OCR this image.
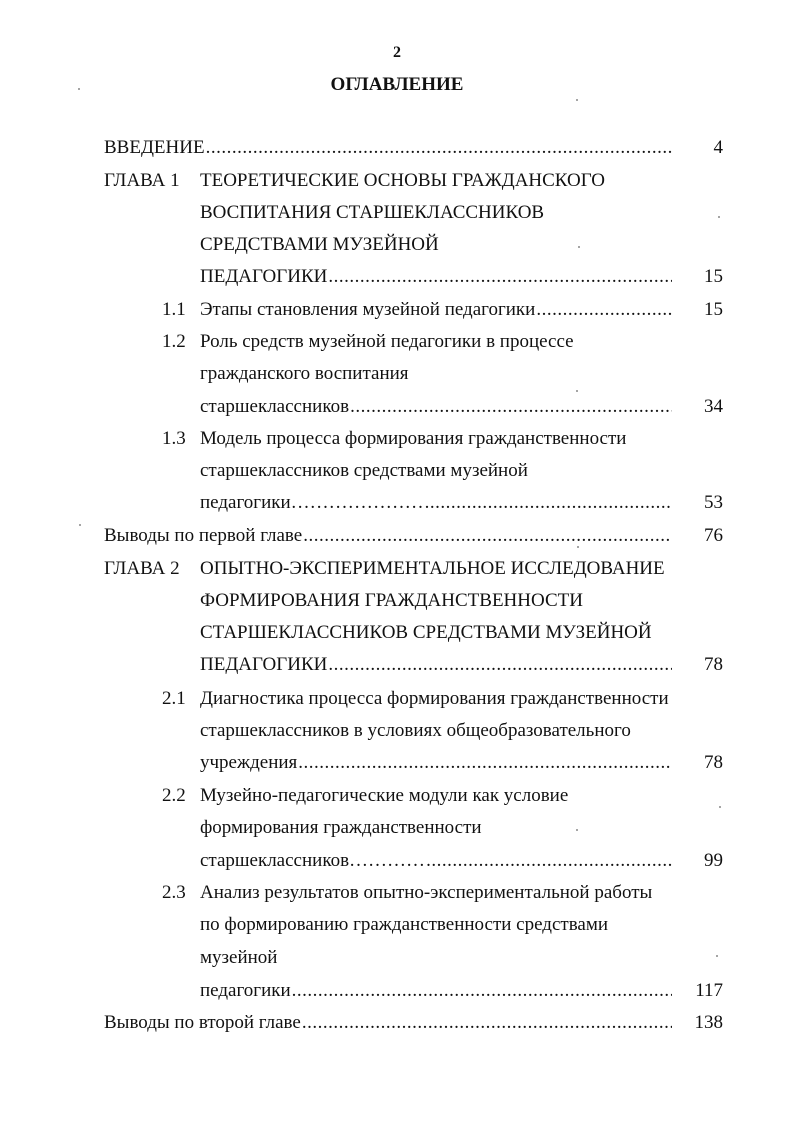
2
ОГЛАВЛЕНИЕ
ВВЕДЕНИЕ .....	4
ГЛАВА 1 ТЕОРЕТИЧЕСКИЕ ОСНОВЫ ГРАЖДАНСКОГО
ВОСПИТАНИЯ СТАРШЕКЛАССНИКОВ
СРЕДСТВАМИ МУЗЕЙНОЙ
ПЕДАГОГИКИ .....	15
1.1 Этапы становления музейной педагогики .....	15
1.2 Роль средств музейной педагогики в процессе
гражданского воспитания
старшеклассников .....	34
1.3 Модель процесса формирования гражданственности
старшеклассников средствами музейной
педагогики………………… .....	53
Выводы по первой главе .....	76
ГЛАВА 2 ОПЫТНО-ЭКСПЕРИМЕНТАЛЬНОЕ ИССЛЕДОВАНИЕ
ФОРМИРОВАНИЯ ГРАЖДАНСТВЕННОСТИ
СТАРШЕКЛАССНИКОВ СРЕДСТВАМИ МУЗЕЙНОЙ
ПЕДАГОГИКИ .....	78
2.1 Диагностика процесса формирования гражданственности
старшеклассников в условиях общеобразовательного
учреждения .....	78
2.2 Музейно-педагогические модули как условие
формирования гражданственности
старшеклассников………… .....	99
2.3 Анализ результатов опытно-экспериментальной работы
по формированию гражданственности средствами
музейной
педагогики .....	117
Выводы по второй главе .....	138
